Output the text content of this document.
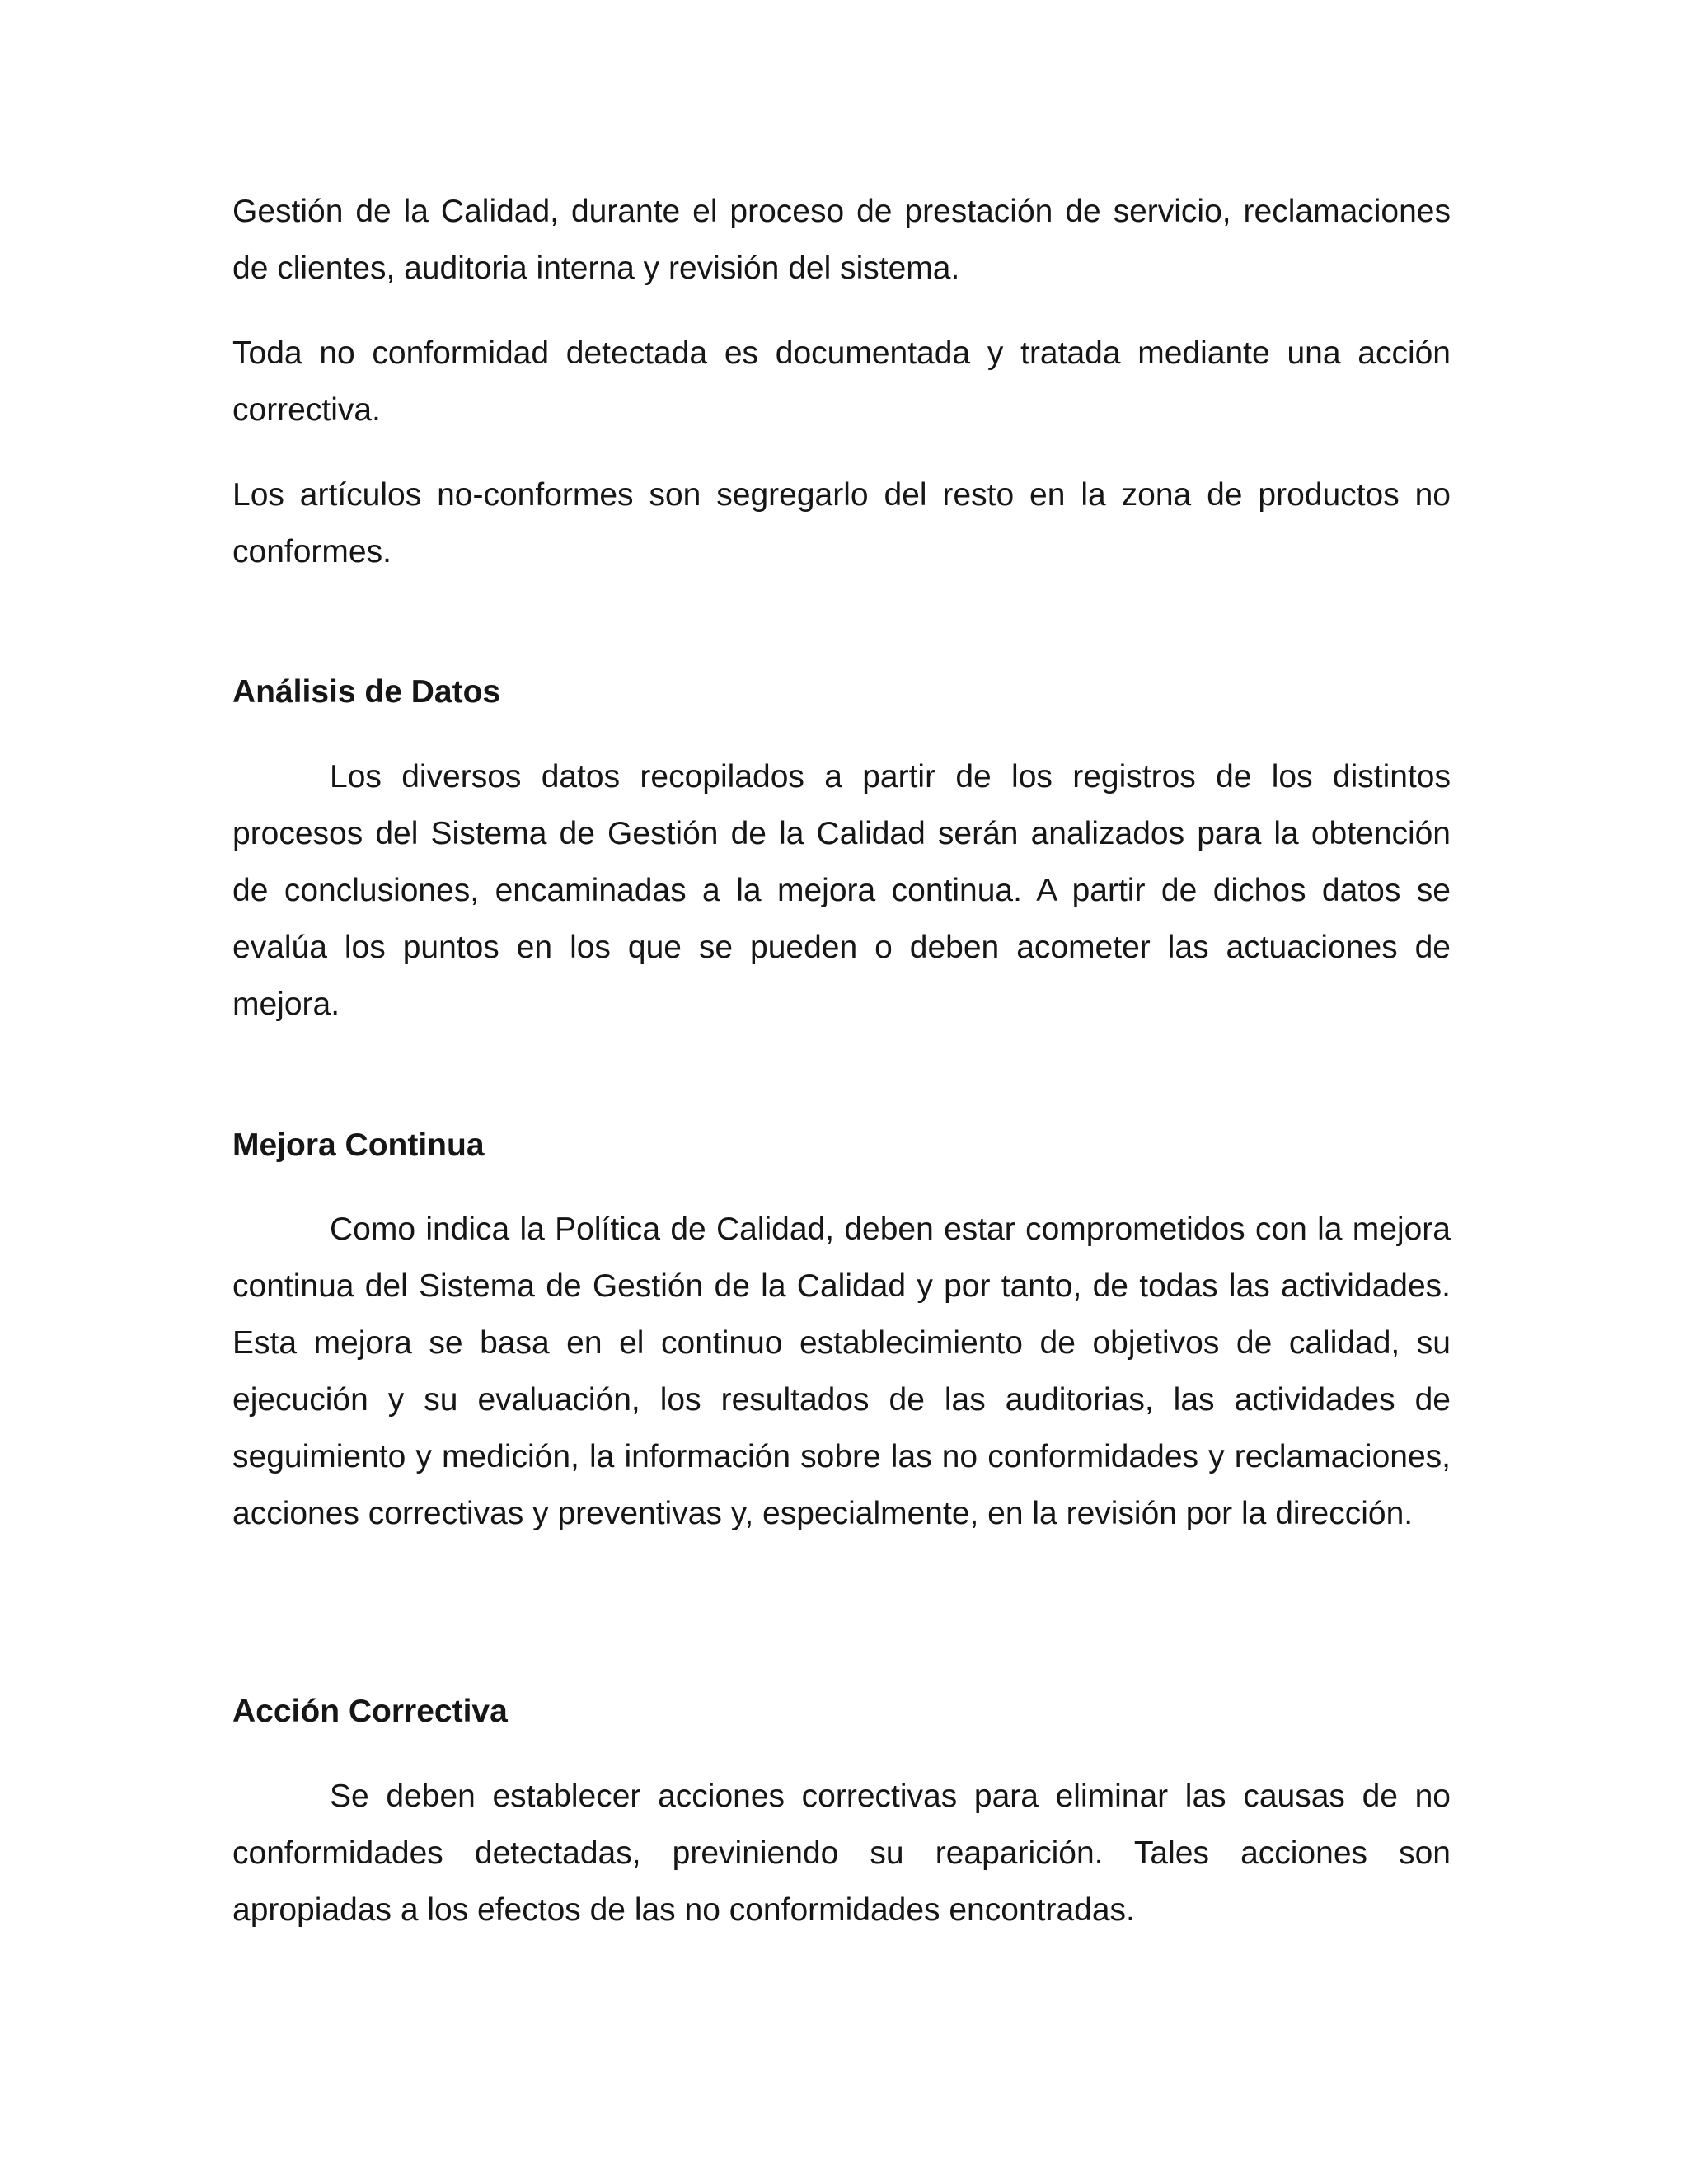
Gestión de la Calidad, durante el proceso de prestación de servicio, reclamaciones de clientes, auditoria interna y revisión del sistema.

Toda no conformidad detectada es documentada y tratada mediante una acción correctiva.

Los artículos no-conformes son segregarlo del resto en la zona de productos no conformes.

Análisis de Datos

Los diversos datos recopilados a partir de los registros de los distintos procesos del Sistema de Gestión de la Calidad serán analizados para la obtención de conclusiones, encaminadas a la mejora continua. A partir de dichos datos se evalúa los puntos en los que se pueden o deben acometer las actuaciones de mejora.

Mejora Continua

Como indica la Política de Calidad, deben estar comprometidos con la mejora continua del Sistema de Gestión de la Calidad y por tanto, de todas las actividades. Esta mejora se basa en el continuo establecimiento de objetivos de calidad, su ejecución y su evaluación, los resultados de las auditorias, las actividades de seguimiento y medición, la información sobre las no conformidades y reclamaciones, acciones correctivas y preventivas y, especialmente, en la revisión por la dirección.

Acción Correctiva

Se deben establecer acciones correctivas para eliminar las causas de no conformidades detectadas, previniendo su reaparición. Tales acciones son apropiadas a los efectos de las no conformidades encontradas.
